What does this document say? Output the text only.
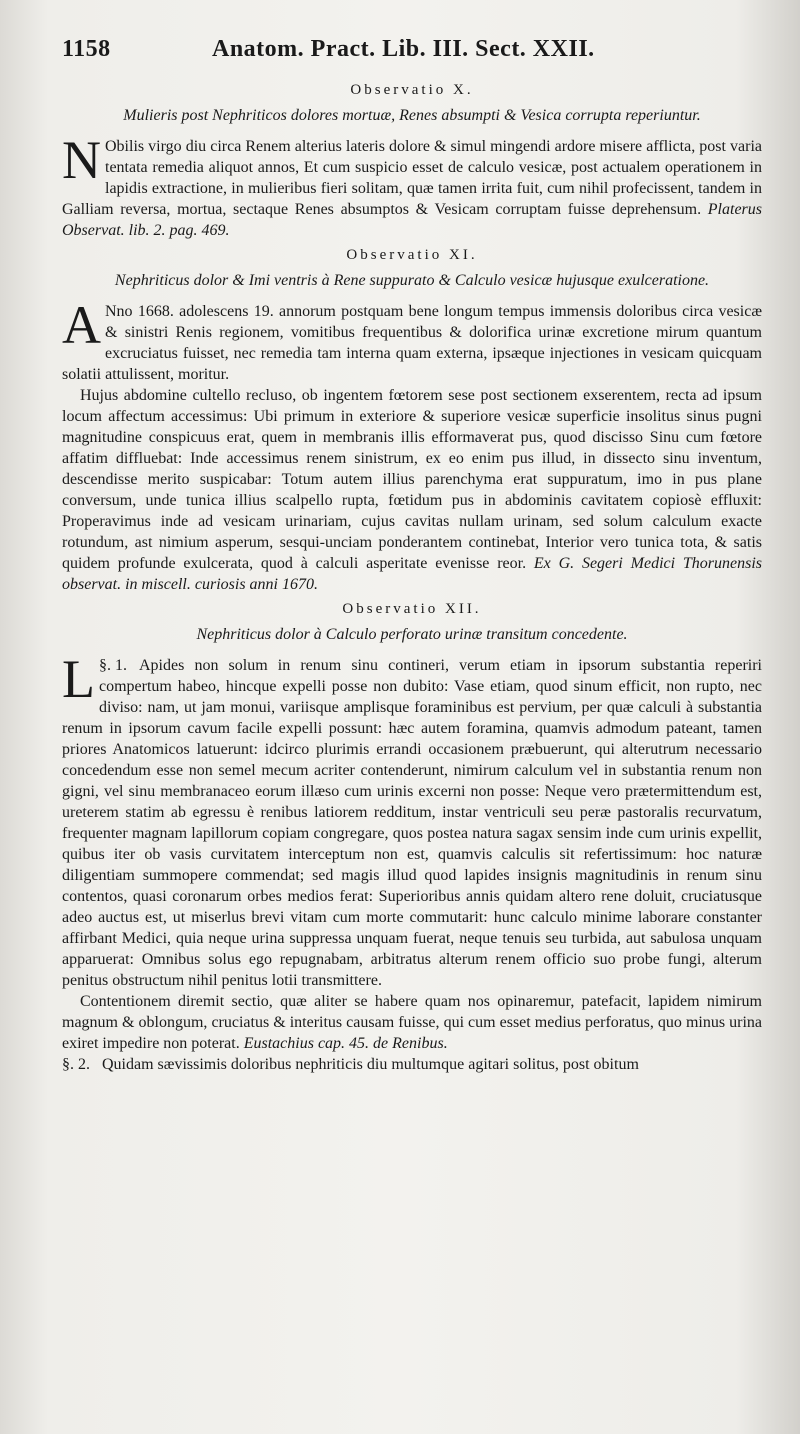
1158	Anatom. Pract. Lib. III. Sect. XXII.
Observatio X.
Mulieris post Nephriticos dolores mortuæ, Renes absumpti & Vesica corrupta reperiuntur.

N Obilis virgo diu circa Renem alterius lateris dolore & simul mingendi ardore misere afflicta, post varia tentata remedia aliquot annos, Et cum suspicio esset de calculo vesicæ, post actualem operationem in lapidis extractione, in mulieribus fieri solitam, quæ tamen irrita fuit, cum nihil profecissent, tandem in Galliam reversa, mortua, sectaque Renes absumptos & Vesicam corruptam fuisse deprehensum. Platerus Observat. lib. 2. pag. 469.

Observatio XI.
Nephriticus dolor & Imi ventris à Rene suppurato & Calculo vesicæ hujusque exulceratione.

A Nno 1668. adolescens 19. annorum postquam bene longum tempus immensis doloribus circa vesicæ & sinistri Renis regionem, vomitibus frequentibus & dolorifica urinæ excretione mirum quantum excruciatus fuisset, nec remedia tam interna quam externa, ipsæque injectiones in vesicam quicquam solatii attulissent, moritur.

Hujus abdomine cultello recluso, ob ingentem fœtorem sese post sectionem exserentem, recta ad ipsum locum affectum accessimus: Ubi primum in exteriore & superiore vesicæ superficie insolitus sinus pugni magnitudine conspicuus erat, quem in membranis illis efformaverat pus, quod discisso Sinu cum fœtore affatim diffluebat: Inde accessimus renem sinistrum, ex eo enim pus illud, in dissecto sinu inventum, descendisse merito suspicabar: Totum autem illius parenchyma erat suppuratum, imo in pus plane conversum, unde tunica illius scalpello rupta, fœtidum pus in abdominis cavitatem copiosè effluxit: Properavimus inde ad vesicam urinariam, cujus cavitas nullam urinam, sed solum calculum exacte rotundum, ast nimium asperum, sesqui-unciam ponderantem continebat, Interior vero tunica tota, & satis quidem profunde exulcerata, quod à calculi asperitate evenisse reor. Ex G. Segeri Medici Thorunensis observat. in miscell. curiosis anni 1670.

Observatio XII.
Nephriticus dolor à Calculo perforato urinæ transitum concedente.

§. 1.
L	Apides non solum in renum sinu contineri, verum etiam in ipsorum substantia reperiri compertum habeo, hincque expelli posse non dubito: Vase etiam, quod sinum efficit, non rupto, nec diviso: nam, ut jam monui, variisque amplisque foraminibus est pervium, per quæ calculi à substantia renum in ipsorum cavum facile expelli possunt: hæc autem foramina, quamvis admodum pateant, tamen priores Anatomicos latuerunt: idcirco plurimis errandi occasionem præbuerunt, qui alterutrum necessario concedendum esse non semel mecum acriter contenderunt, nimirum calculum vel in substantia renum non gigni, vel sinu membranaceo eorum illæso cum urinis excerni non posse: Neque vero prætermittendum est, ureterem statim ab egressu è renibus latiorem redditum, instar ventriculi seu peræ pastoralis recurvatum, frequenter magnam lapillorum copiam congregare, quos postea natura sagax sensim inde cum urinis expellit, quibus iter ob vasis curvitatem interceptum non est, quamvis calculis sit refertissimum: hoc naturæ diligentiam summopere commendat; sed magis illud quod lapides insignis magnitudinis in renum sinu contentos, quasi coronarum orbes medios ferat: Superioribus annis quidam altero rene doluit, cruciatusque adeo auctus est, ut miserlus brevi vitam cum morte commutarit: hunc calculo minime laborare constanter affirbant Medici, quia neque urina suppressa unquam fuerat, neque tenuis seu turbida, aut sabulosa unquam apparuerat: Omnibus solus ego repugnabam, arbitratus alterum renem officio suo probe fungi, alterum penitus obstructum nihil penitus lotii transmittere.

Contentionem diremit sectio, quæ aliter se habere quam nos opinaremur, patefacit, lapidem nimirum magnum & oblongum, cruciatus & interitus causam fuisse, qui cum esset medius perforatus, quo minus urina exiret impedire non poterat. Eustachius cap. 45. de Renibus.

§. 2. Quidam sævissimis doloribus nephriticis diu multumque agitari solitus, post obitum
